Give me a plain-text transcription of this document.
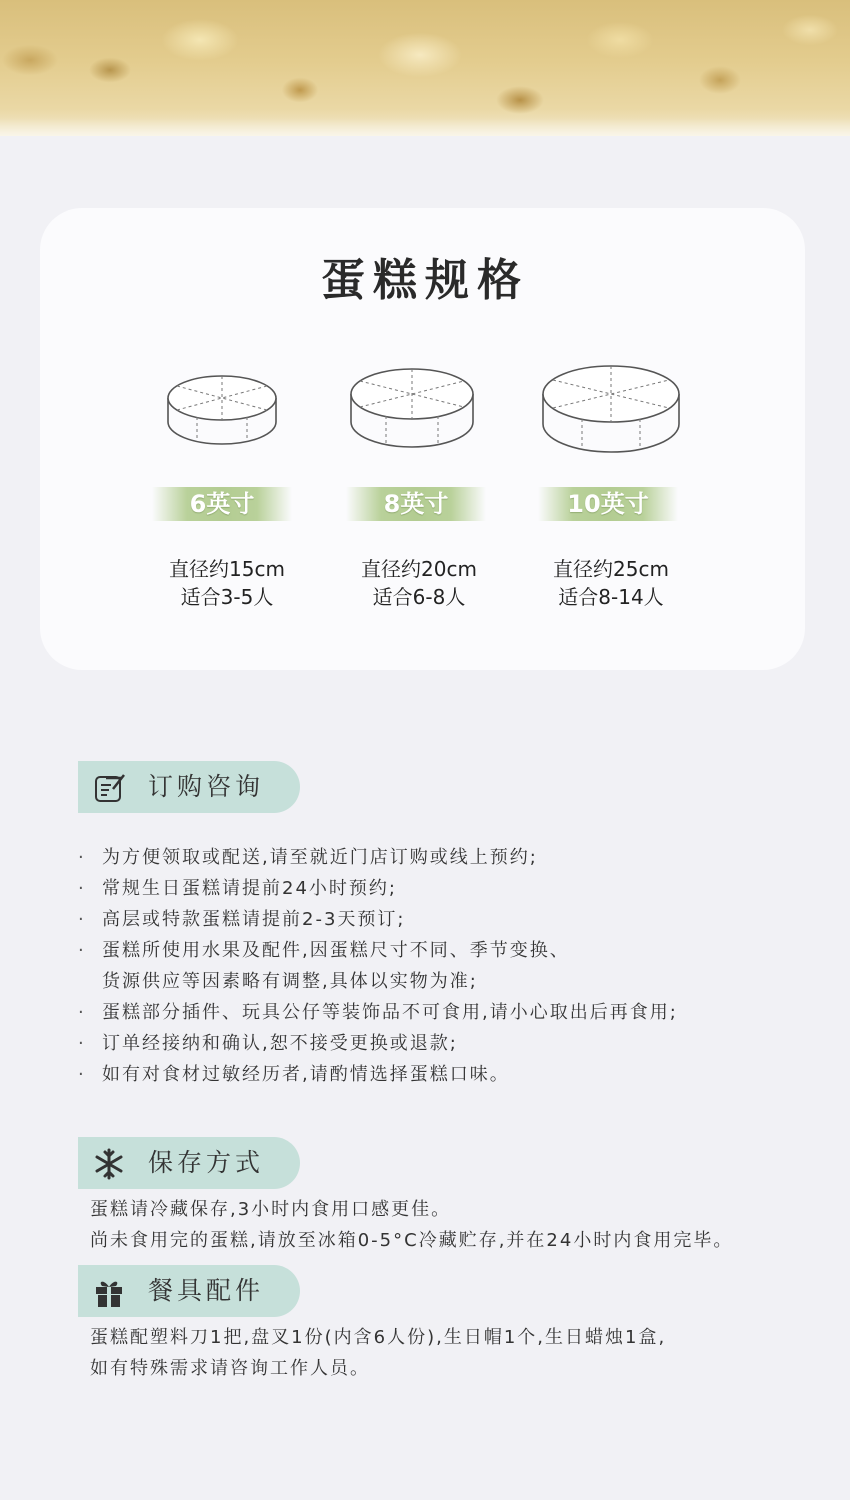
蛋糕规格
6英寸	8英寸	10英寸
直径约15cm
适合3-5人
直径约20cm
适合6-8人
直径约25cm
适合8-14人
订购咨询
· 为方便领取或配送,请至就近门店订购或线上预约;
· 常规生日蛋糕请提前24小时预约;
· 高层或特款蛋糕请提前2-3天预订;
· 蛋糕所使用水果及配件,因蛋糕尺寸不同、季节变换、
货源供应等因素略有调整,具体以实物为准;
· 蛋糕部分插件、玩具公仔等装饰品不可食用,请小心取出后再食用;
· 订单经接纳和确认,恕不接受更换或退款;
· 如有对食材过敏经历者,请酌情选择蛋糕口味。
保存方式
蛋糕请冷藏保存,3小时内食用口感更佳。
尚未食用完的蛋糕,请放至冰箱0-5°C冷藏贮存,并在24小时内食用完毕。
餐具配件
蛋糕配塑料刀1把,盘叉1份(内含6人份),生日帽1个,生日蜡烛1盒,
如有特殊需求请咨询工作人员。
